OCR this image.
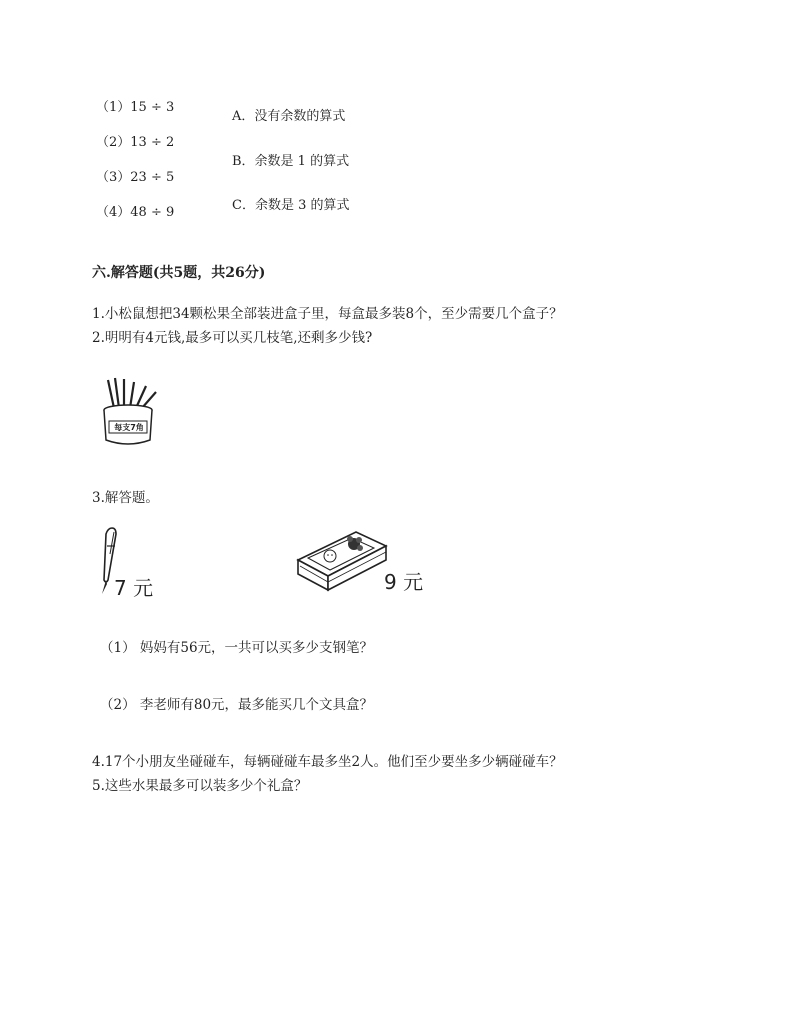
（1）15 ÷ 3
（2）13 ÷ 2
（3）23 ÷ 5
（4）48 ÷ 9
A．没有余数的算式
B．余数是 1 的算式
C．余数是 3 的算式
六.解答题(共5题，共26分)
1.小松鼠想把34颗松果全部装进盒子里，每盒最多装8个，至少需要几个盒子？
2.明明有4元钱,最多可以买几枝笔,还剩多少钱?
每支7角
3.解答题。
7 元	9 元
（1） 妈妈有56元，一共可以买多少支钢笔？
（2） 李老师有80元，最多能买几个文具盒？
4.17个小朋友坐碰碰车，每辆碰碰车最多坐2人。他们至少要坐多少辆碰碰车？
5.这些水果最多可以装多少个礼盒？
